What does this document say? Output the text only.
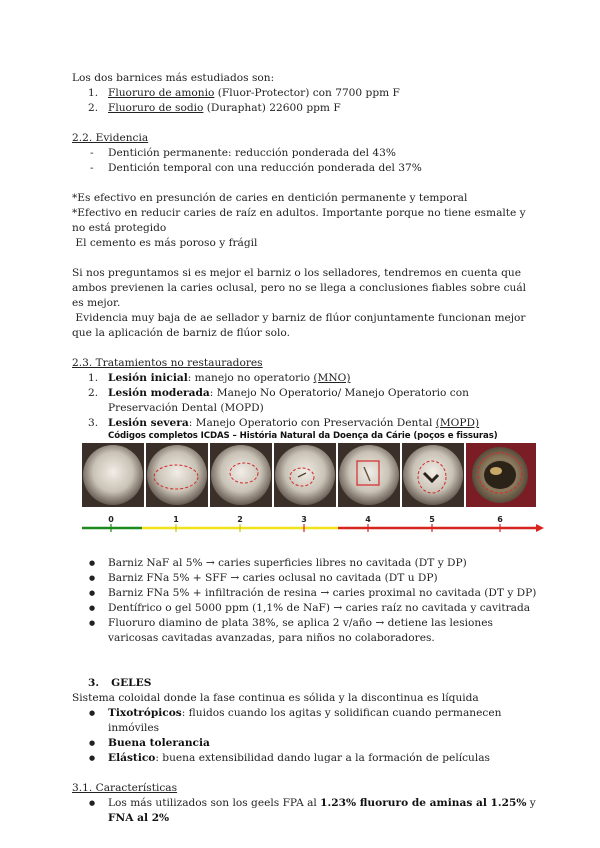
Los dos barnices más estudiados son:

1. Fluoruro de amonio (Fluor-Protector) con 7700 ppm F
2. Fluoruro de sodio (Duraphat) 22600 ppm F

2.2. Evidencia

- Dentición permanente: reducción ponderada del 43%
- Dentición temporal con una reducción ponderada del 37%

*Es efectivo en presunción de caries en dentición permanente y temporal

*Efectivo en reducir caries de raíz en adultos. Importante porque no tiene esmalte y no está protegido

El cemento es más poroso y frágil

Si nos preguntamos si es mejor el barniz o los selladores, tendremos en cuenta que ambos previenen la caries oclusal, pero no se llega a conclusiones fiables sobre cuál es mejor.

Evidencia muy baja de ae sellador y barniz de flúor conjuntamente funcionan mejor que la aplicación de barniz de flúor solo.

2.3. Tratamientos no restauradores

1. Lesión inicial: manejo no operatorio (MNO)
2. Lesión moderada: Manejo No Operatorio/ Manejo Operatorio con Preservación Dental (MOPD)
3. Lesión severa: Manejo Operatorio con Preservación Dental (MOPD)
Códigos completos ICDAS – História Natural da Doença da Cárie (poços e fissuras)
0	1	2	3	4	5	6
● Barniz NaF al 5% → caries superficies libres no cavitada (DT y DP)
● Barniz FNa 5% + SFF → caries oclusal no cavitada (DT u DP)
● Barniz FNa 5% + infiltración de resina → caries proximal no cavitada (DT y DP)
● Dentífrico o gel 5000 ppm (1,1% de NaF) → caries raíz no cavitada y cavitrada
● Fluoruro diamino de plata 38%, se aplica 2 v/año → detiene las lesiones varicosas cavitadas avanzadas, para niños no colaboradores.

3. GELES

Sistema coloidal donde la fase continua es sólida y la discontinua es líquida

● Tixotrópicos: fluidos cuando los agitas y solidifican cuando permanecen inmóviles
● Buena tolerancia
● Elástico: buena extensibilidad dando lugar a la formación de películas

3.1. Características

● Los más utilizados son los geels FPA al 1.23% fluoruro de aminas al 1.25% y FNA al 2%
